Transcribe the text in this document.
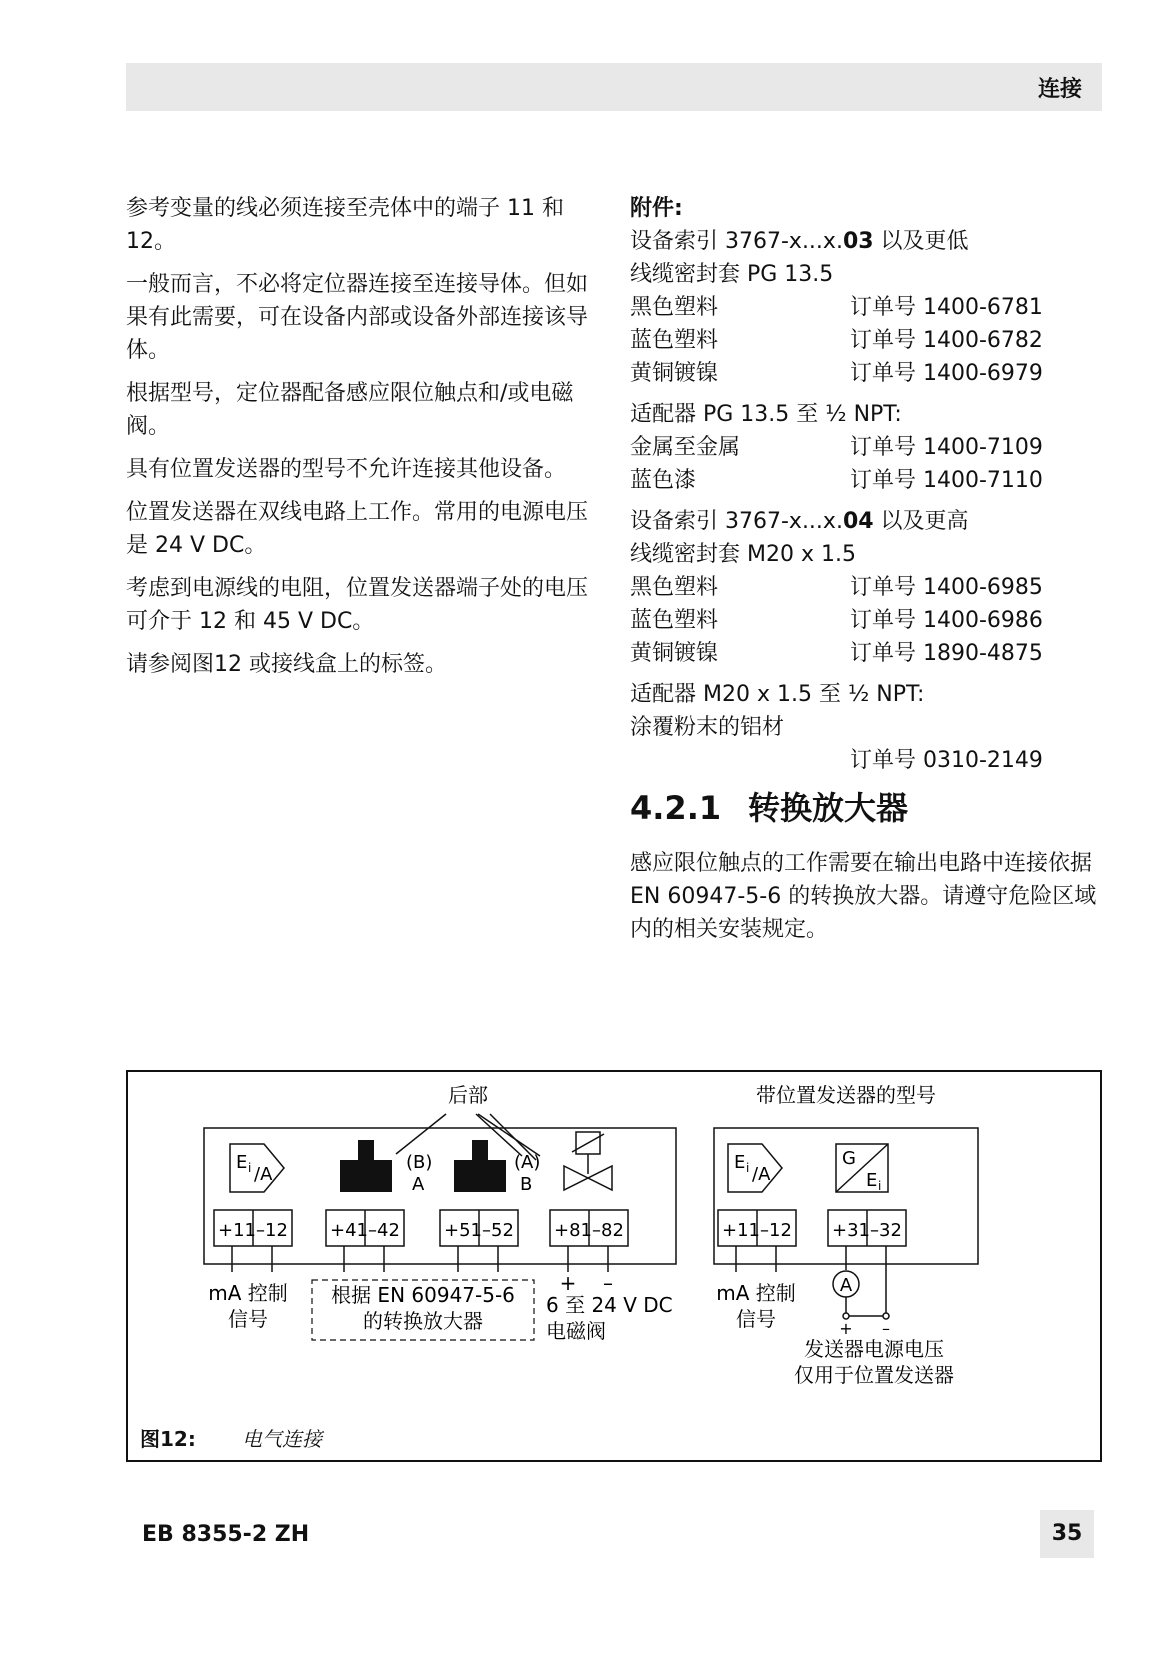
连接

参考变量的线必须连接至壳体中的端子 11 和 12。

一般而言，不必将定位器连接至连接导体。但如果有此需要，可在设备内部或设备外部连接该导体。

根据型号，定位器配备感应限位触点和/或电磁阀。

具有位置发送器的型号不允许连接其他设备。

位置发送器在双线电路上工作。常用的电源电压是 24 V DC。

考虑到电源线的电阻，位置发送器端子处的电压可介于 12 和 45 V DC。

请参阅图12 或接线盒上的标签。

附件:
设备索引 3767-x...x.03 以及更低
线缆密封套 PG 13.5
黑色塑料	订单号 1400-6781
蓝色塑料	订单号 1400-6782
黄铜镀镍	订单号 1400-6979
适配器 PG 13.5 至 ½ NPT:
金属至金属	订单号 1400-7109
蓝色漆	订单号 1400-7110
设备索引 3767-x...x.04 以及更高
线缆密封套 M20 x 1.5
黑色塑料	订单号 1400-6985
蓝色塑料	订单号 1400-6986
黄铜镀镍	订单号 1890-4875
适配器 M20 x 1.5 至 ½ NPT:
涂覆粉末的铝材
订单号 0310-2149
4.2.1 转换放大器
感应限位触点的工作需要在输出电路中连接依据 EN 60947-5-6 的转换放大器。请遵守危险区域内的相关安装规定。
后部	带位置发送器的型号
E i /A
(B)
A
(A)
B
E i /A
G
E i
+11 –12 +41 –42 +51 –52 +81 –82	+11 –12 +31 –32
A
根据 EN 60947-5-6
的转换放大器
mA 控制
信号
+ –
6 至 24 V DC
电磁阀
mA 控制
信号	+ –
发送器电源电压
仅用于位置发送器
图12: 电气连接
EB 8355-2 ZH	35
